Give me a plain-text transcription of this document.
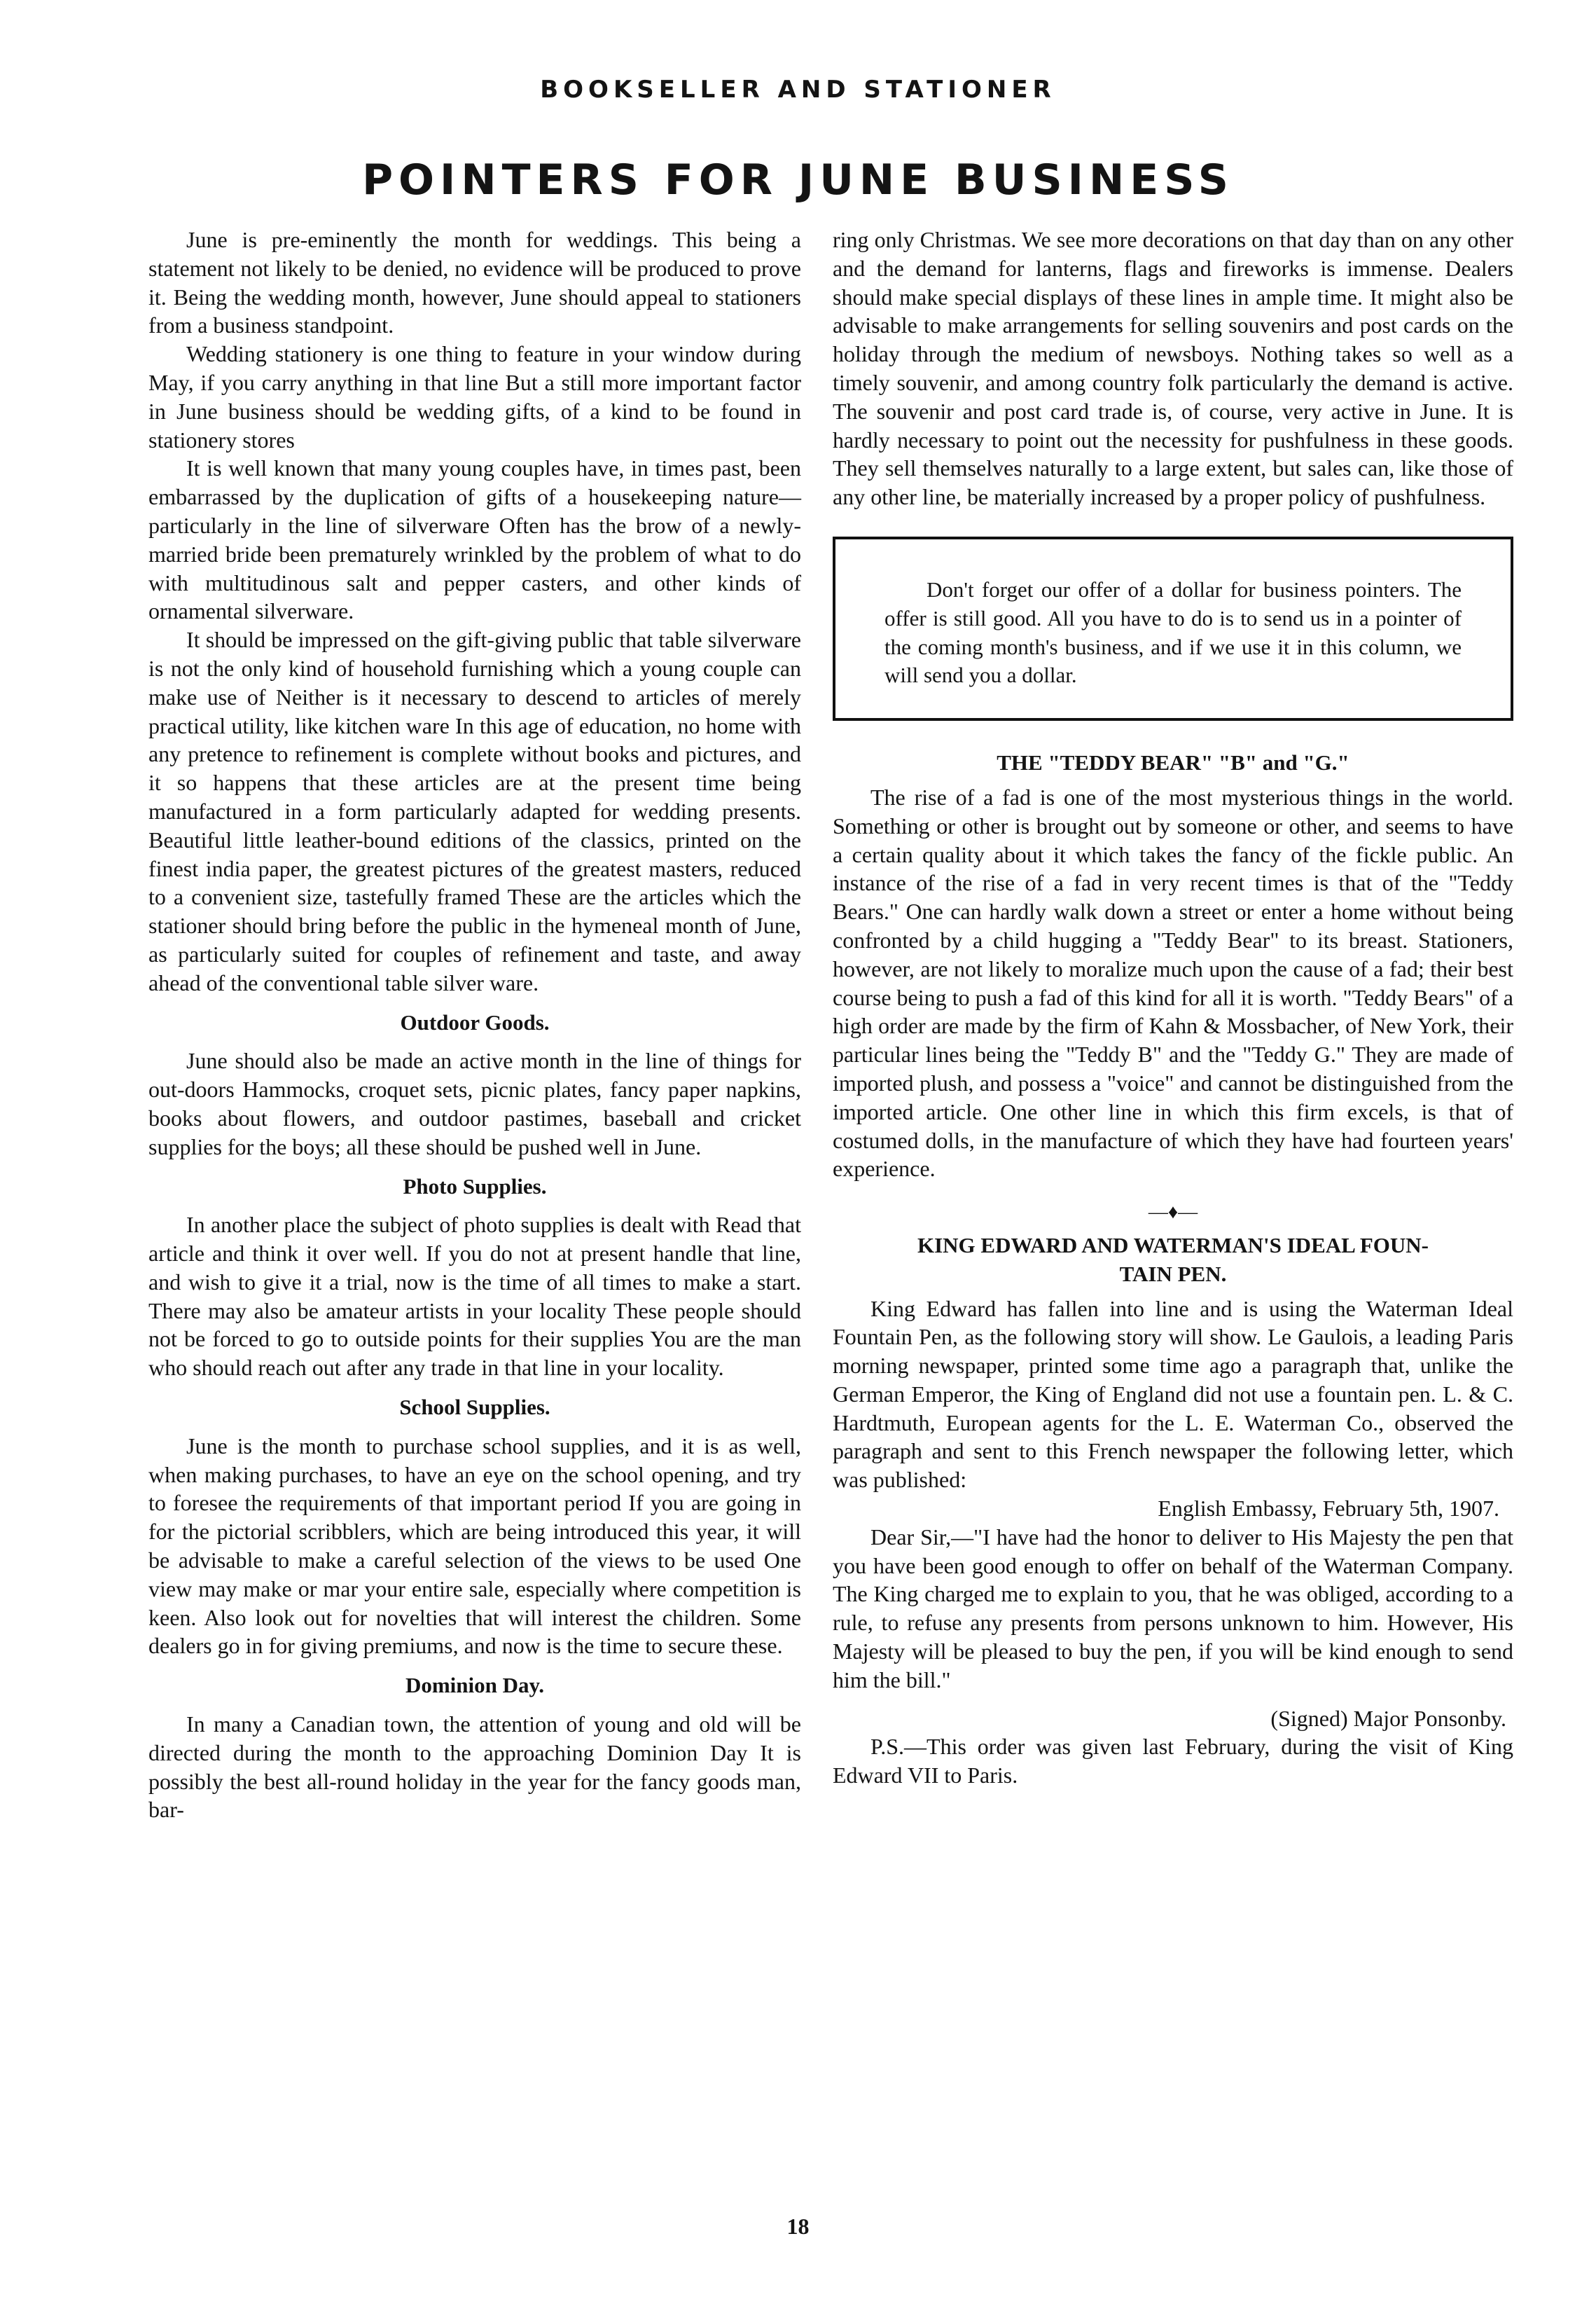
BOOKSELLER AND STATIONER
POINTERS FOR JUNE BUSINESS

June is pre-eminently the month for weddings. This being a statement not likely to be denied, no evidence will be produced to prove it. Being the wedding month, however, June should appeal to stationers from a business standpoint.

Wedding stationery is one thing to feature in your window during May, if you carry anything in that line But a still more important factor in June business should be wedding gifts, of a kind to be found in stationery stores

It is well known that many young couples have, in times past, been embarrassed by the duplication of gifts of a housekeeping nature—particularly in the line of silverware Often has the brow of a newly-married bride been prematurely wrinkled by the problem of what to do with multitudinous salt and pepper casters, and other kinds of ornamental silverware.

It should be impressed on the gift-giving public that table silverware is not the only kind of household furnishing which a young couple can make use of Neither is it necessary to descend to articles of merely practical utility, like kitchen ware In this age of education, no home with any pretence to refinement is complete without books and pictures, and it so happens that these articles are at the present time being manufactured in a form particularly adapted for wedding presents. Beautiful little leather-bound editions of the classics, printed on the finest india paper, the greatest pictures of the greatest masters, reduced to a convenient size, tastefully framed These are the articles which the stationer should bring before the public in the hymeneal month of June, as particularly suited for couples of refinement and taste, and away ahead of the conventional table silver ware.

Outdoor Goods.

June should also be made an active month in the line of things for out-doors Hammocks, croquet sets, picnic plates, fancy paper napkins, books about flowers, and outdoor pastimes, baseball and cricket supplies for the boys; all these should be pushed well in June.

Photo Supplies.

In another place the subject of photo supplies is dealt with Read that article and think it over well. If you do not at present handle that line, and wish to give it a trial, now is the time of all times to make a start. There may also be amateur artists in your locality These people should not be forced to go to outside points for their supplies You are the man who should reach out after any trade in that line in your locality.

School Supplies.

June is the month to purchase school supplies, and it is as well, when making purchases, to have an eye on the school opening, and try to foresee the requirements of that important period If you are going in for the pictorial scribblers, which are being introduced this year, it will be advisable to make a careful selection of the views to be used One view may make or mar your entire sale, especially where competition is keen. Also look out for novelties that will interest the children. Some dealers go in for giving premiums, and now is the time to secure these.

Dominion Day.

In many a Canadian town, the attention of young and old will be directed during the month to the approaching Dominion Day It is possibly the best all-round holiday in the year for the fancy goods man, bar-

ring only Christmas. We see more decorations on that day than on any other and the demand for lanterns, flags and fireworks is immense. Dealers should make special displays of these lines in ample time. It might also be advisable to make arrangements for selling souvenirs and post cards on the holiday through the medium of newsboys. Nothing takes so well as a timely souvenir, and among country folk particularly the demand is active. The souvenir and post card trade is, of course, very active in June. It is hardly necessary to point out the necessity for pushfulness in these goods. They sell themselves naturally to a large extent, but sales can, like those of any other line, be materially increased by a proper policy of pushfulness.

Don't forget our offer of a dollar for business pointers. The offer is still good. All you have to do is to send us in a pointer of the coming month's business, and if we use it in this column, we will send you a dollar.

THE "TEDDY BEAR" "B" and "G."

The rise of a fad is one of the most mysterious things in the world. Something or other is brought out by someone or other, and seems to have a certain quality about it which takes the fancy of the fickle public. An instance of the rise of a fad in very recent times is that of the "Teddy Bears." One can hardly walk down a street or enter a home without being confronted by a child hugging a "Teddy Bear" to its breast. Stationers, however, are not likely to moralize much upon the cause of a fad; their best course being to push a fad of this kind for all it is worth. "Teddy Bears" of a high order are made by the firm of Kahn & Mossbacher, of New York, their particular lines being the "Teddy B" and the "Teddy G." They are made of imported plush, and possess a "voice" and cannot be distinguished from the imported article. One other line in which this firm excels, is that of costumed dolls, in the manufacture of which they have had fourteen years' experience.

—♦—
KING EDWARD AND WATERMAN'S IDEAL FOUN-
TAIN PEN.

King Edward has fallen into line and is using the Waterman Ideal Fountain Pen, as the following story will show. Le Gaulois, a leading Paris morning newspaper, printed some time ago a paragraph that, unlike the German Emperor, the King of England did not use a fountain pen. L. & C. Hardtmuth, European agents for the L. E. Waterman Co., observed the paragraph and sent to this French newspaper the following letter, which was published:

English Embassy, February 5th, 1907.

Dear Sir,—"I have had the honor to deliver to His Majesty the pen that you have been good enough to offer on behalf of the Waterman Company. The King charged me to explain to you, that he was obliged, according to a rule, to refuse any presents from persons unknown to him. However, His Majesty will be pleased to buy the pen, if you will be kind enough to send him the bill."

(Signed) Major Ponsonby.

P.S.—This order was given last February, during the visit of King Edward VII to Paris.

18
